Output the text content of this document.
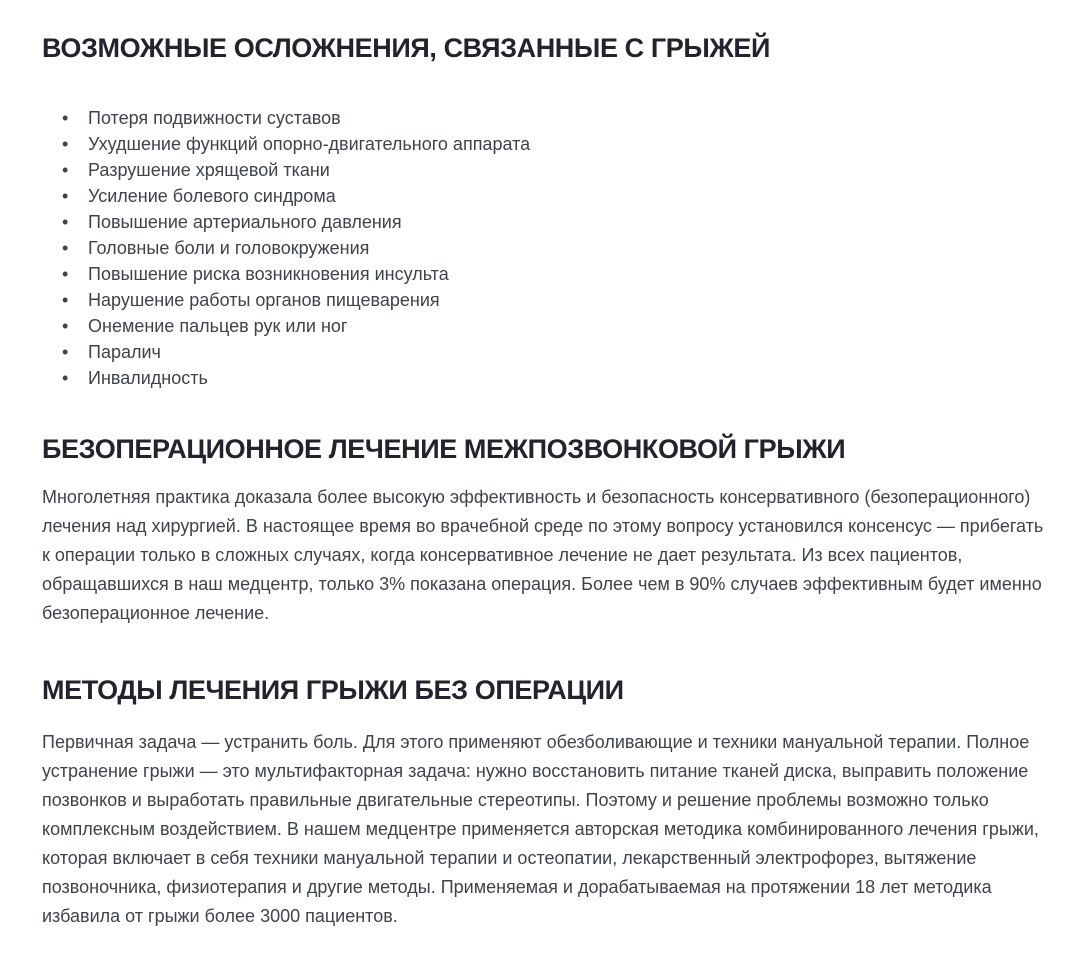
ВОЗМОЖНЫЕ ОСЛОЖНЕНИЯ, СВЯЗАННЫЕ С ГРЫЖЕЙ
• Потеря подвижности суставов
• Ухудшение функций опорно-двигательного аппарата
• Разрушение хрящевой ткани
• Усиление болевого синдрома
• Повышение артериального давления
• Головные боли и головокружения
• Повышение риска возникновения инсульта
• Нарушение работы органов пищеварения
• Онемение пальцев рук или ног
• Паралич
• Инвалидность
БЕЗОПЕРАЦИОННОЕ ЛЕЧЕНИЕ МЕЖПОЗВОНКОВОЙ ГРЫЖИ

Многолетняя практика доказала более высокую эффективность и безопасность консервативного (безоперационного) лечения над хирургией. В настоящее время во врачебной среде по этому вопросу установился консенсус — прибегать к операции только в сложных случаях, когда консервативное лечение не дает результата. Из всех пациентов, обращавшихся в наш медцентр, только 3% показана операция. Более чем в 90% случаев эффективным будет именно безоперационное лечение.

МЕТОДЫ ЛЕЧЕНИЯ ГРЫЖИ БЕЗ ОПЕРАЦИИ

Первичная задача — устранить боль. Для этого применяют обезболивающие и техники мануальной терапии. Полное устранение грыжи — это мультифакторная задача: нужно восстановить питание тканей диска, выправить положение позвонков и выработать правильные двигательные стереотипы. Поэтому и решение проблемы возможно только комплексным воздействием. В нашем медцентре применяется авторская методика комбинированного лечения грыжи, которая включает в себя техники мануальной терапии и остеопатии, лекарственный электрофорез, вытяжение позвоночника, физиотерапия и другие методы. Применяемая и дорабатываемая на протяжении 18 лет методика избавила от грыжи более 3000 пациентов.
